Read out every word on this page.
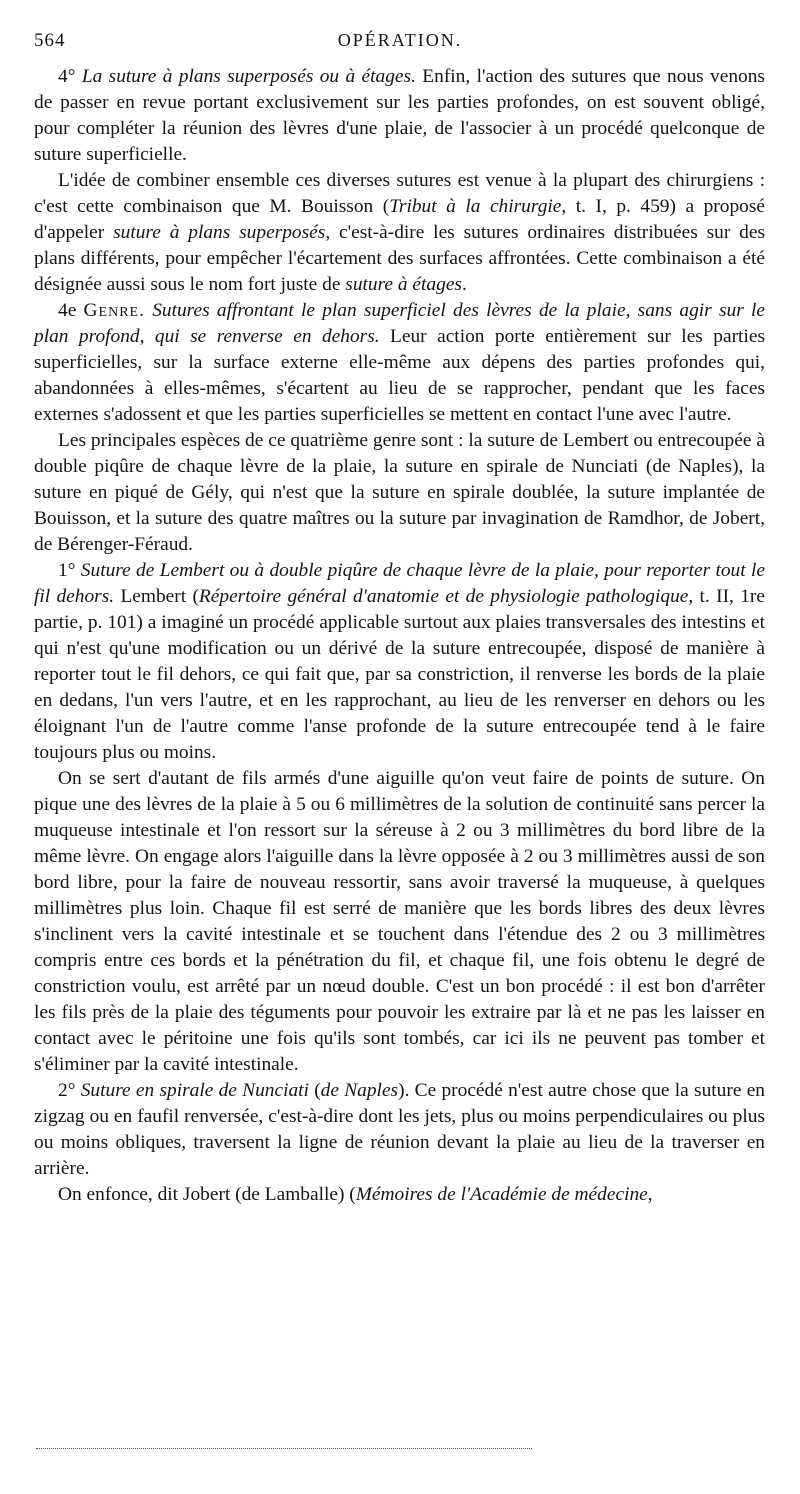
564	OPÉRATION.

4° La suture à plans superposés ou à étages. Enfin, l'action des sutures que nous venons de passer en revue portant exclusivement sur les parties profondes, on est souvent obligé, pour compléter la réunion des lèvres d'une plaie, de l'associer à un procédé quelconque de suture superficielle.

L'idée de combiner ensemble ces diverses sutures est venue à la plupart des chirurgiens : c'est cette combinaison que M. Bouisson (Tribut à la chirurgie, t. I, p. 459) a proposé d'appeler suture à plans superposés, c'est-à-dire les sutures ordinaires distribuées sur des plans différents, pour empêcher l'écartement des surfaces affrontées. Cette combinaison a été désignée aussi sous le nom fort juste de suture à étages.

4e Genre. Sutures affrontant le plan superficiel des lèvres de la plaie, sans agir sur le plan profond, qui se renverse en dehors. Leur action porte entièrement sur les parties superficielles, sur la surface externe elle-même aux dépens des parties profondes qui, abandonnées à elles-mêmes, s'écartent au lieu de se rapprocher, pendant que les faces externes s'adossent et que les parties superficielles se mettent en contact l'une avec l'autre.

Les principales espèces de ce quatrième genre sont : la suture de Lembert ou entrecoupée à double piqûre de chaque lèvre de la plaie, la suture en spirale de Nunciati (de Naples), la suture en piqué de Gély, qui n'est que la suture en spirale doublée, la suture implantée de Bouisson, et la suture des quatre maîtres ou la suture par invagination de Ramdhor, de Jobert, de Bérenger-Féraud.

1° Suture de Lembert ou à double piqûre de chaque lèvre de la plaie, pour reporter tout le fil dehors. Lembert (Répertoire général d'anatomie et de physiologie pathologique, t. II, 1re partie, p. 101) a imaginé un procédé applicable surtout aux plaies transversales des intestins et qui n'est qu'une modification ou un dérivé de la suture entrecoupée, disposé de manière à reporter tout le fil dehors, ce qui fait que, par sa constriction, il renverse les bords de la plaie en dedans, l'un vers l'autre, et en les rapprochant, au lieu de les renverser en dehors ou les éloignant l'un de l'autre comme l'anse profonde de la suture entrecoupée tend à le faire toujours plus ou moins.

On se sert d'autant de fils armés d'une aiguille qu'on veut faire de points de suture. On pique une des lèvres de la plaie à 5 ou 6 millimètres de la solution de continuité sans percer la muqueuse intestinale et l'on ressort sur la séreuse à 2 ou 3 millimètres du bord libre de la même lèvre. On engage alors l'aiguille dans la lèvre opposée à 2 ou 3 millimètres aussi de son bord libre, pour la faire de nouveau ressortir, sans avoir traversé la muqueuse, à quelques millimètres plus loin. Chaque fil est serré de manière que les bords libres des deux lèvres s'inclinent vers la cavité intestinale et se touchent dans l'étendue des 2 ou 3 millimètres compris entre ces bords et la pénétration du fil, et chaque fil, une fois obtenu le degré de constriction voulu, est arrêté par un nœud double. C'est un bon procédé : il est bon d'arrêter les fils près de la plaie des téguments pour pouvoir les extraire par là et ne pas les laisser en contact avec le péritoine une fois qu'ils sont tombés, car ici ils ne peuvent pas tomber et s'éliminer par la cavité intestinale.

2° Suture en spirale de Nunciati (de Naples). Ce procédé n'est autre chose que la suture en zigzag ou en faufil renversée, c'est-à-dire dont les jets, plus ou moins perpendiculaires ou plus ou moins obliques, traversent la ligne de réunion devant la plaie au lieu de la traverser en arrière.

On enfonce, dit Jobert (de Lamballe) (Mémoires de l'Académie de médecine,
